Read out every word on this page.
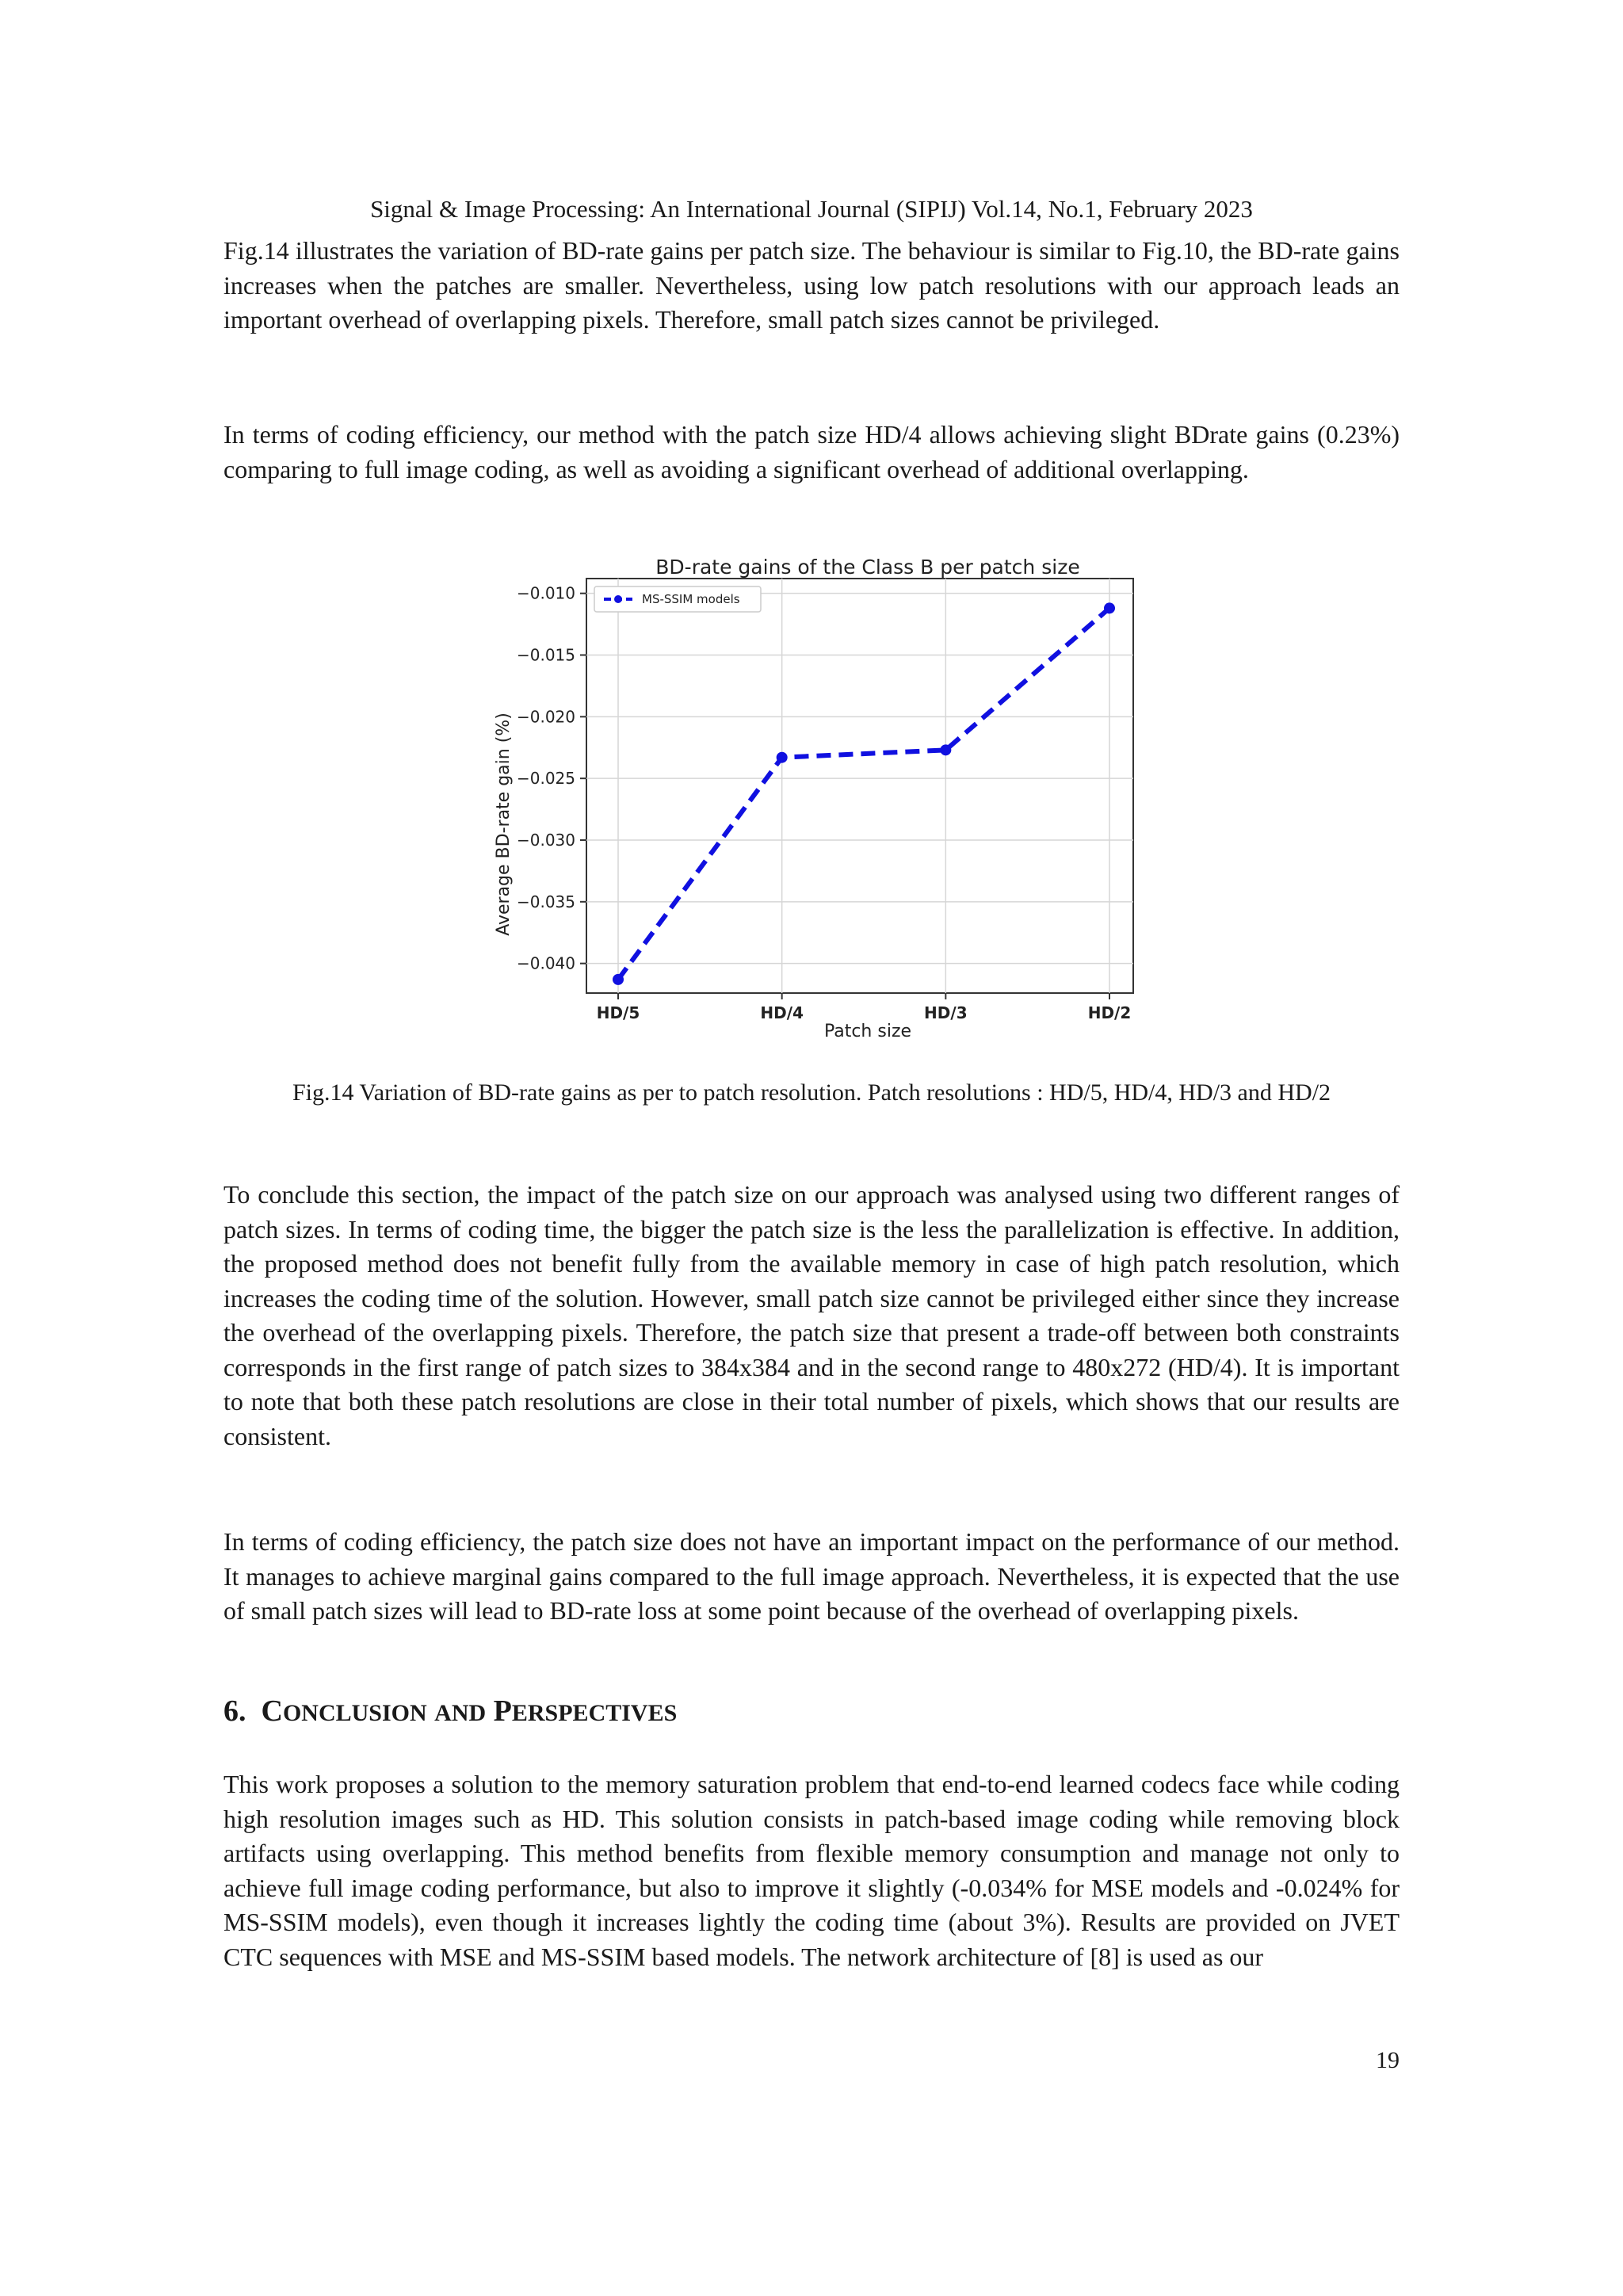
Signal & Image Processing: An International Journal (SIPIJ) Vol.14, No.1, February 2023

Fig.14 illustrates the variation of BD-rate gains per patch size. The behaviour is similar to Fig.10, the BD-rate gains increases when the patches are smaller. Nevertheless, using low patch resolutions with our approach leads an important overhead of overlapping pixels. Therefore, small patch sizes cannot be privileged.

In terms of coding efficiency, our method with the patch size HD/4 allows achieving slight BDrate gains (0.23%) comparing to full image coding, as well as avoiding a significant overhead of additional overlapping.

BD-rate gains of the Class B per patch size
−0.040
−0.035
−0.030
−0.025
−0.020
−0.015
−0.010
HD/5	HD/4	HD/3	HD/2
MS-SSIM models
Patch size
Average BD-rate gain (%)

Fig.14 Variation of BD-rate gains as per to patch resolution. Patch resolutions : HD/5, HD/4, HD/3 and HD/2

To conclude this section, the impact of the patch size on our approach was analysed using two different ranges of patch sizes. In terms of coding time, the bigger the patch size is the less the parallelization is effective. In addition, the proposed method does not benefit fully from the available memory in case of high patch resolution, which increases the coding time of the solution. However, small patch size cannot be privileged either since they increase the overhead of the overlapping pixels. Therefore, the patch size that present a trade-off between both constraints corresponds in the first range of patch sizes to 384x384 and in the second range to 480x272 (HD/4). It is important to note that both these patch resolutions are close in their total number of pixels, which shows that our results are consistent.

In terms of coding efficiency, the patch size does not have an important impact on the performance of our method. It manages to achieve marginal gains compared to the full image approach. Nevertheless, it is expected that the use of small patch sizes will lead to BD-rate loss at some point because of the overhead of overlapping pixels.

6. CONCLUSION AND PERSPECTIVES

This work proposes a solution to the memory saturation problem that end-to-end learned codecs face while coding high resolution images such as HD. This solution consists in patch-based image coding while removing block artifacts using overlapping. This method benefits from flexible memory consumption and manage not only to achieve full image coding performance, but also to improve it slightly (-0.034% for MSE models and -0.024% for MS-SSIM models), even though it increases lightly the coding time (about 3%). Results are provided on JVET CTC sequences with MSE and MS-SSIM based models. The network architecture of [8] is used as our

19
